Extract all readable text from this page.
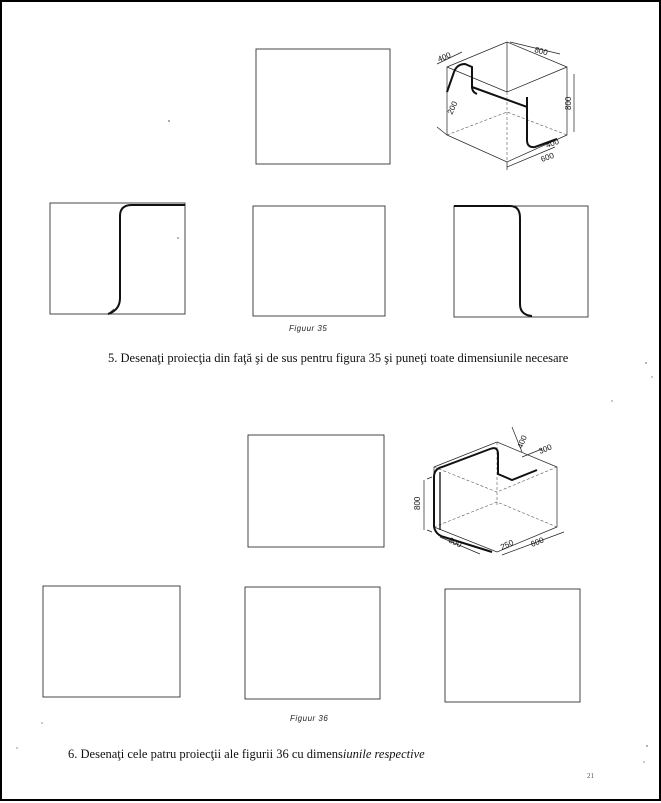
400	800
800
200
400
600
400 300
800
800	250 600
Figuur 35
5. Desenaţi proiecţia din faţă şi de sus pentru figura 35 şi puneţi toate dimensiunile necesare
Figuur 36
6. Desenaţi cele patru proiecţii ale figurii 36 cu dimensiunile respective
21
